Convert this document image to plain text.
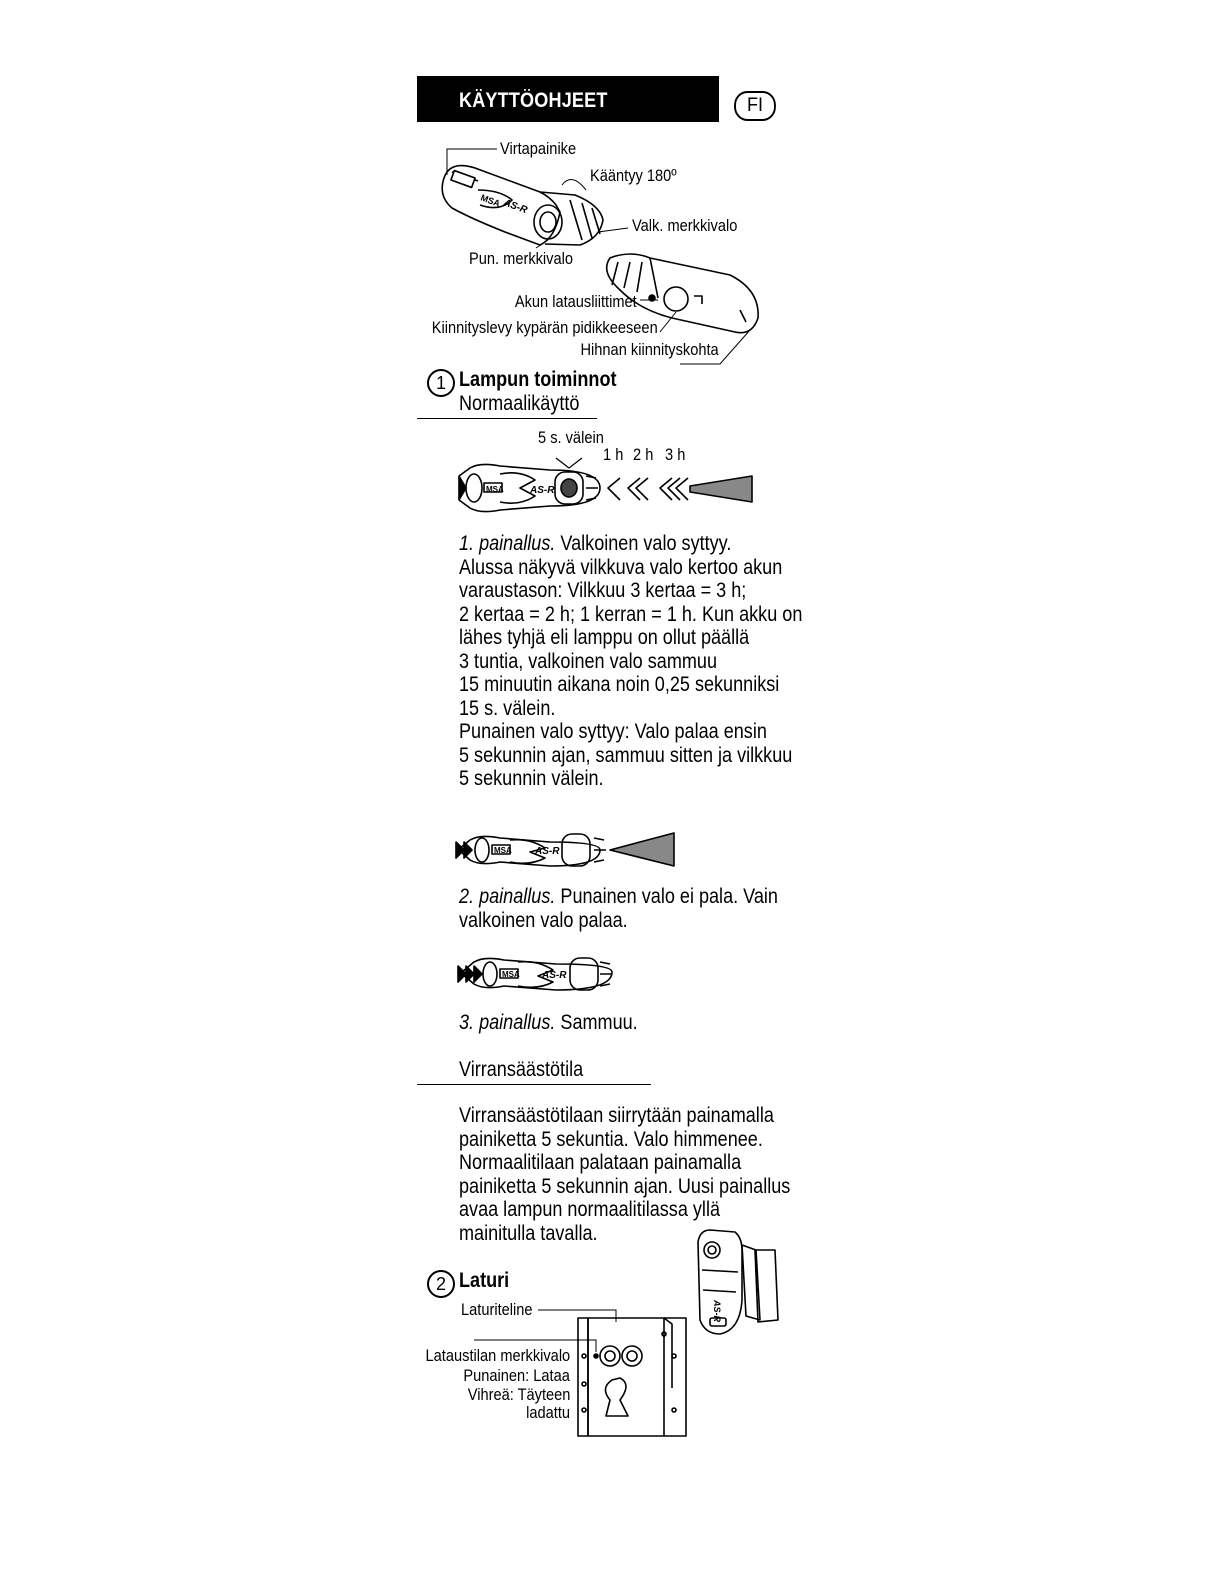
KÄYTTÖOHJEET	FI
MSA AS-R
Virtapainike
Kääntyy 180º
Valk. merkkivalo
Pun. merkkivalo
Akun latausliittimet
Kiinnityslevy kypärän pidikkeeseen
Hihnan kiinnityskohta
1 Lampun toiminnot
Normaalikäyttö
5 s. välein
1 h 2 h 3 h
MSA	AS-R
MSA AS-R
MSA AS-R
AS-R
1. painallus. Valkoinen valo syttyy.
Alussa näkyvä vilkkuva valo kertoo akun
varaustason: Vilkkuu 3 kertaa = 3 h;
2 kertaa = 2 h; 1 kerran = 1 h. Kun akku on
lähes tyhjä eli lamppu on ollut päällä
3 tuntia, valkoinen valo sammuu
15 minuutin aikana noin 0,25 sekunniksi
15 s. välein.
Punainen valo syttyy: Valo palaa ensin
5 sekunnin ajan, sammuu sitten ja vilkkuu
5 sekunnin välein.
2. painallus. Punainen valo ei pala. Vain
valkoinen valo palaa.
3. painallus. Sammuu.
Virransäästötila
Virransäästötilaan siirrytään painamalla
painiketta 5 sekuntia. Valo himmenee.
Normaalitilaan palataan painamalla
painiketta 5 sekunnin ajan. Uusi painallus
avaa lampun normaalitilassa yllä
mainitulla tavalla.
2 Laturi
Laturiteline
Lataustilan merkkivalo
Punainen: Lataa
Vihreä: Täyteen
ladattu
